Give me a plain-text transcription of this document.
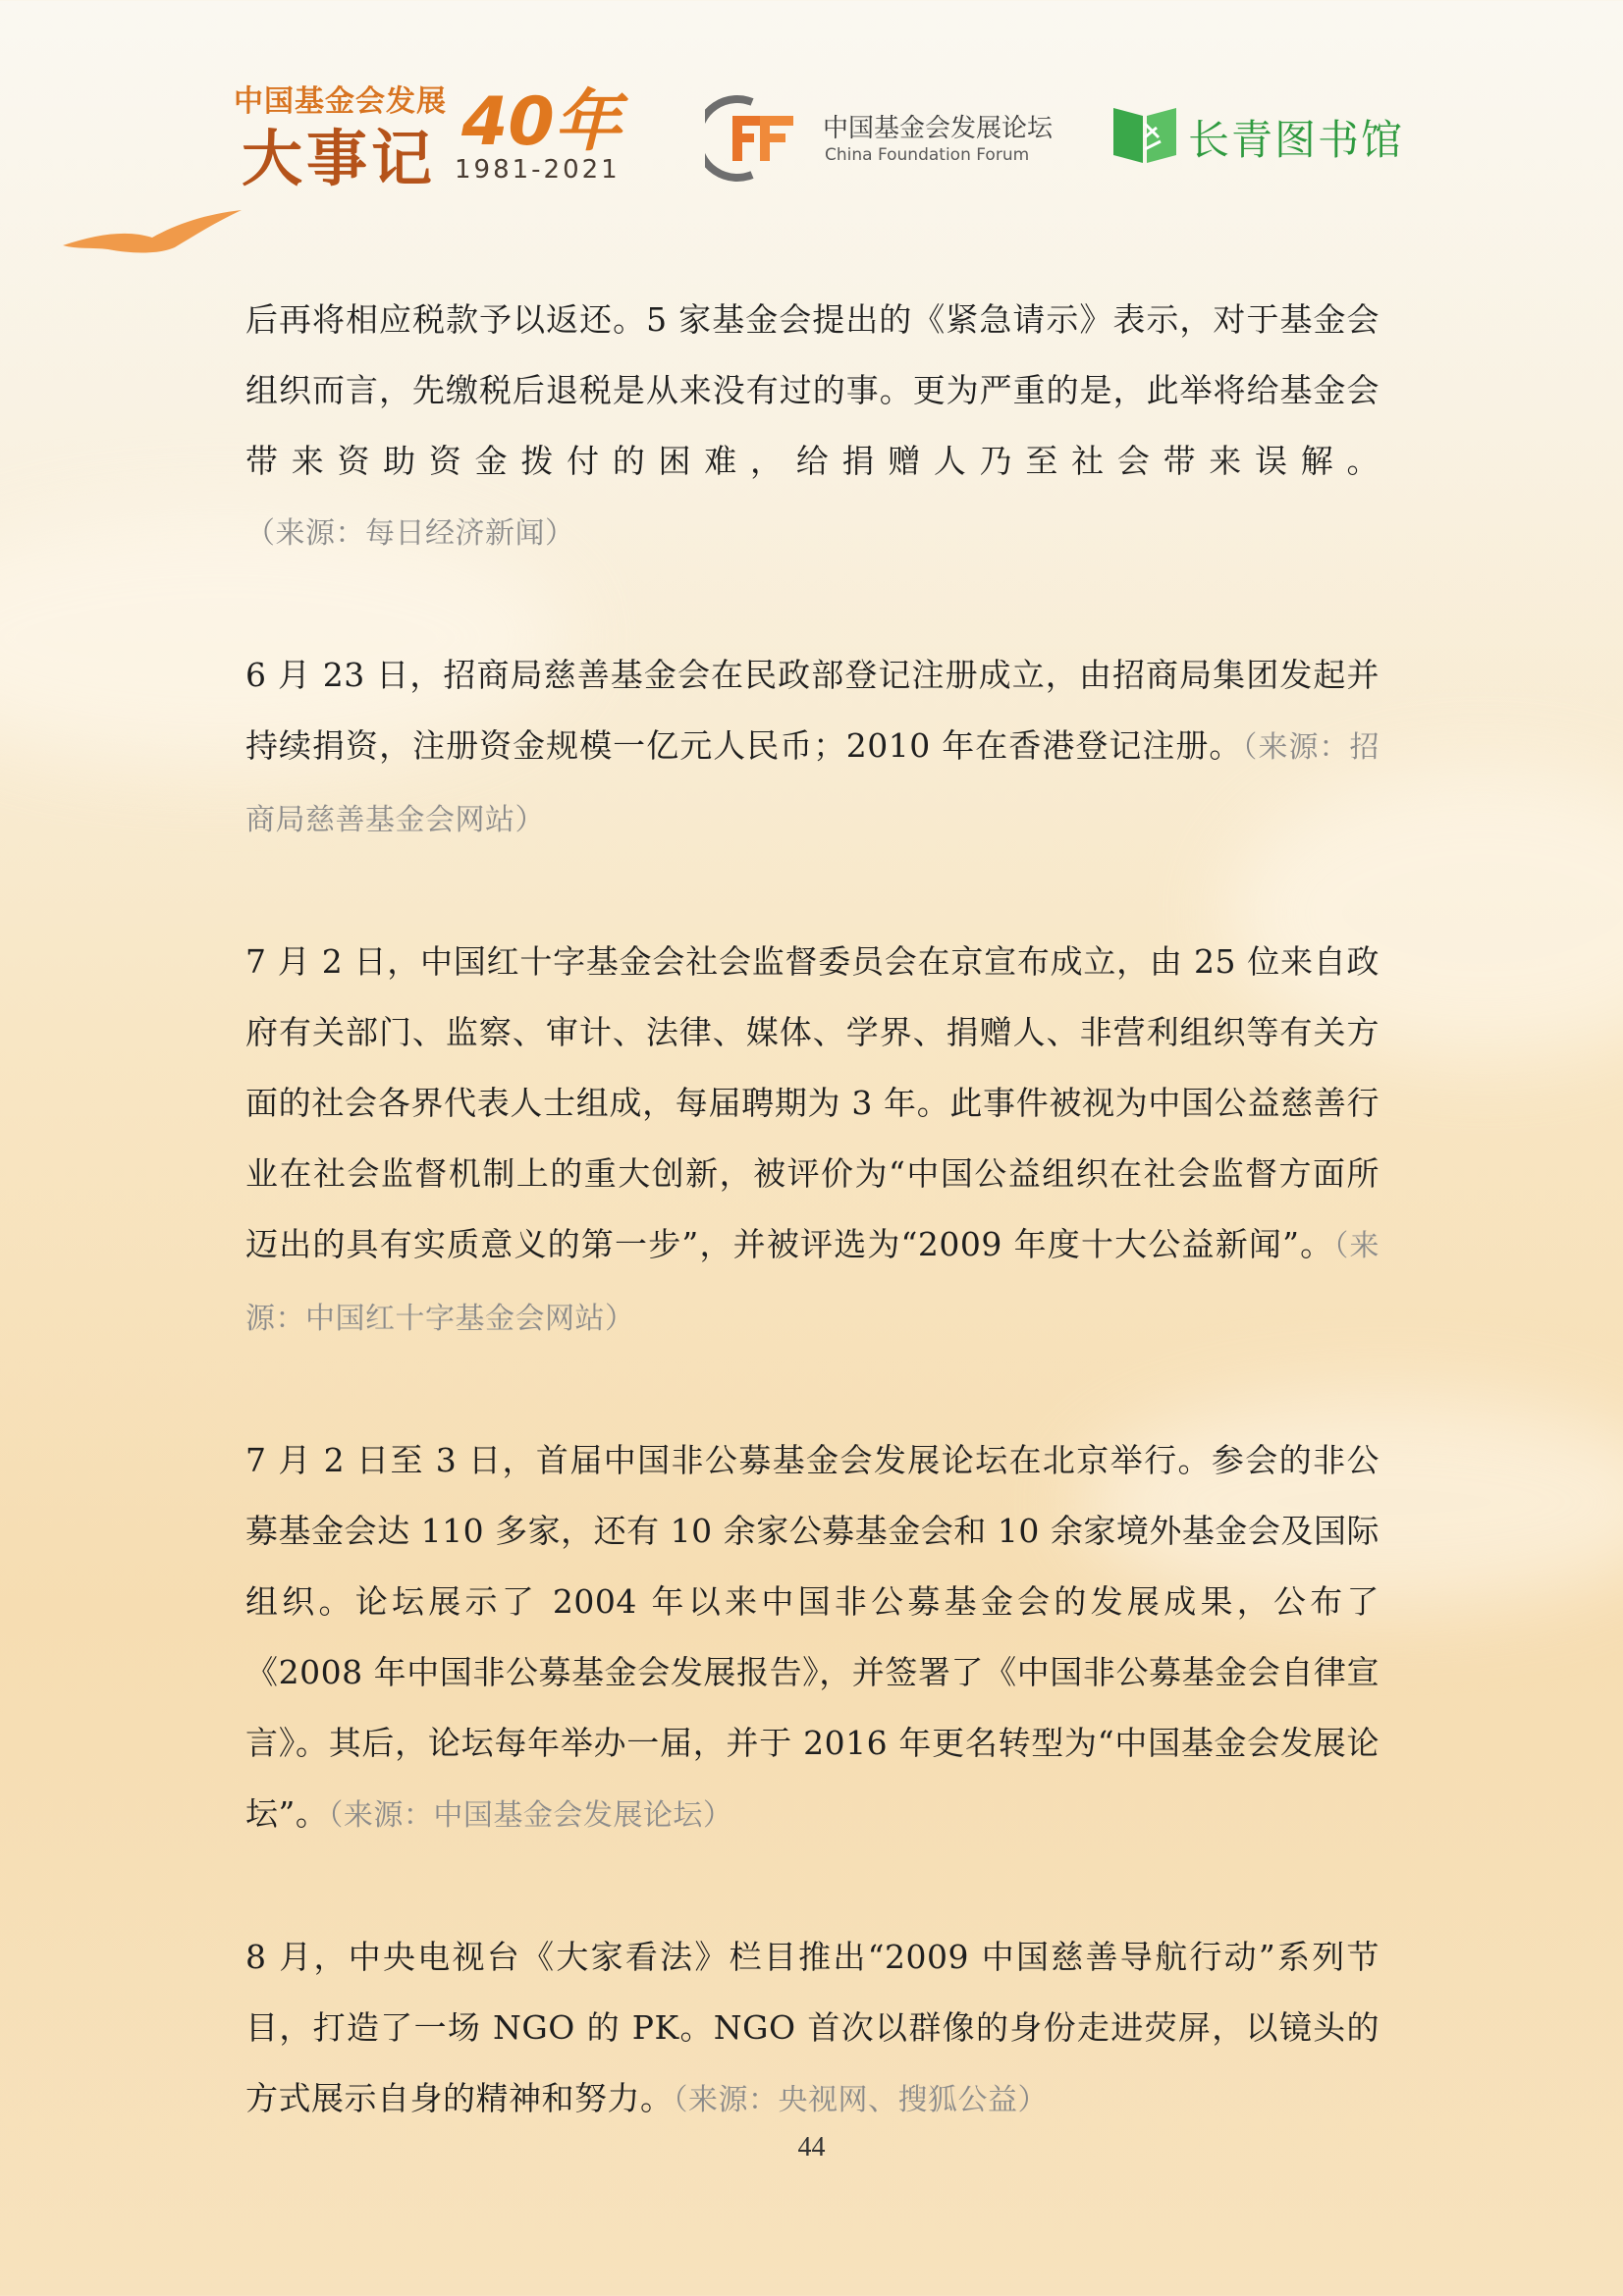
中国基金会发展
大事记 40年
1981-2021
中国基金会发展论坛
China Foundation Forum	长青图书馆

后再将相应税款予以返还。5 家基金会提出的《紧急请示》表示，对于基金会组织而言，先缴税后退税是从来没有过的事。更为严重的是，此举将给基金会带来资助资金拨付的困难，给捐赠人乃至社会带来误解。（来源：每日经济新闻）

6 月 23 日，招商局慈善基金会在民政部登记注册成立，由招商局集团发起并持续捐资，注册资金规模一亿元人民币；2010 年在香港登记注册。（来源：招商局慈善基金会网站）

7 月 2 日，中国红十字基金会社会监督委员会在京宣布成立，由 25 位来自政府有关部门、监察、审计、法律、媒体、学界、捐赠人、非营利组织等有关方面的社会各界代表人士组成，每届聘期为 3 年。此事件被视为中国公益慈善行业在社会监督机制上的重大创新，被评价为“中国公益组织在社会监督方面所迈出的具有实质意义的第一步”，并被评选为“2009 年度十大公益新闻”。（来源：中国红十字基金会网站）

7 月 2 日至 3 日，首届中国非公募基金会发展论坛在北京举行。参会的非公募基金会达 110 多家，还有 10 余家公募基金会和 10 余家境外基金会及国际组织。论坛展示了 2004 年以来中国非公募基金会的发展成果，公布了《2008 年中国非公募基金会发展报告》，并签署了《中国非公募基金会自律宣言》。其后，论坛每年举办一届，并于 2016 年更名转型为“中国基金会发展论坛”。（来源：中国基金会发展论坛）

8 月，中央电视台《大家看法》栏目推出“2009 中国慈善导航行动”系列节目，打造了一场 NGO 的 PK。NGO 首次以群像的身份走进荧屏，以镜头的方式展示自身的精神和努力。（来源：央视网、搜狐公益）

44
